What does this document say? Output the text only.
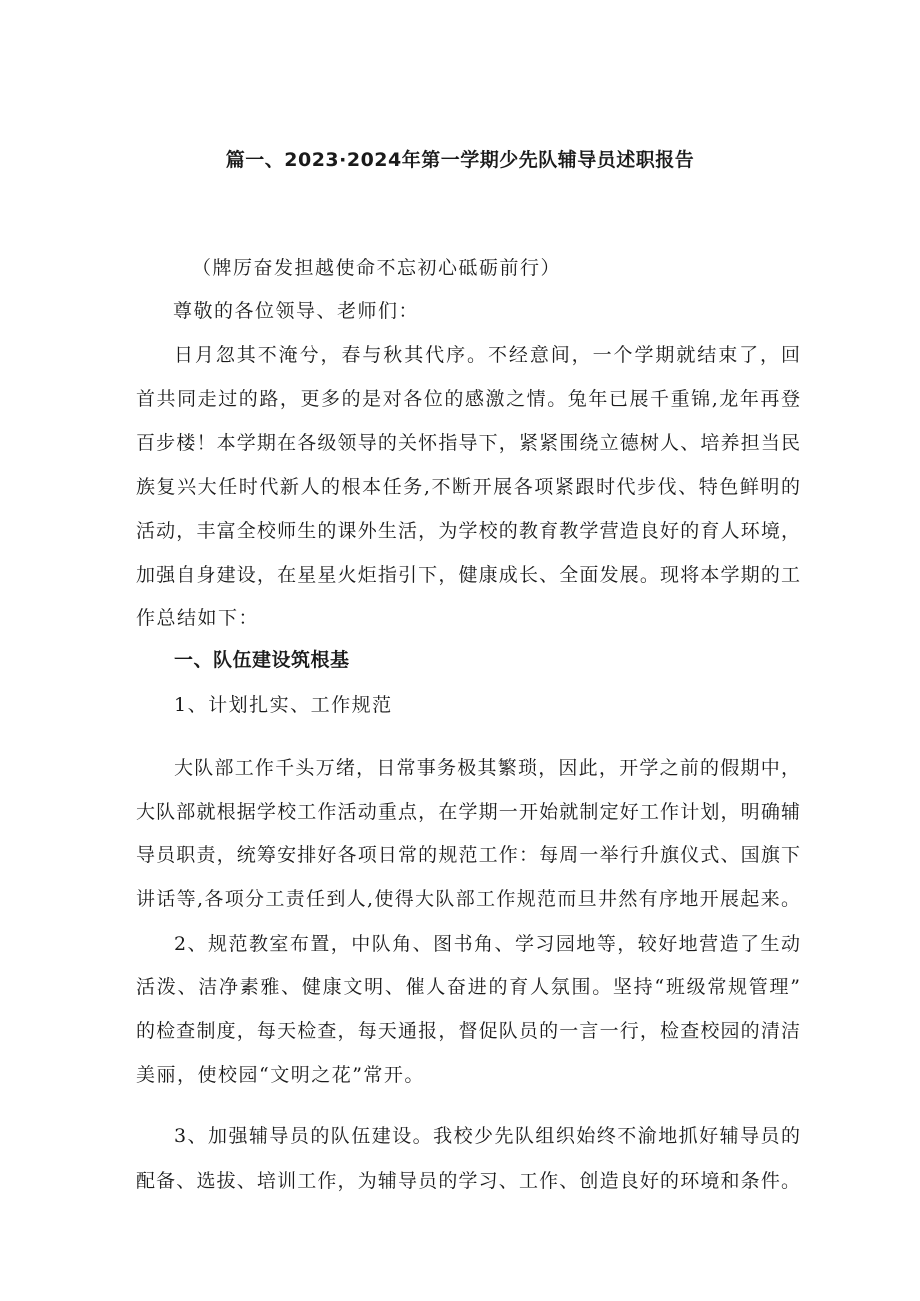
篇一、2023·2024年第一学期少先队辅导员述职报告
（牌厉奋发担越使命不忘初心砥砺前行）
尊敬的各位领导、老师们：
日月忽其不淹兮，春与秋其代序。不经意间，一个学期就结束了，回
首共同走过的路，更多的是对各位的感激之情。兔年已展千重锦,龙年再登
百步楼！本学期在各级领导的关怀指导下，紧紧围绕立德树人、培养担当民
族复兴大任时代新人的根本任务,不断开展各项紧跟时代步伐、特色鲜明的
活动，丰富全校师生的课外生活，为学校的教育教学营造良好的育人环境，
加强自身建设，在星星火炬指引下，健康成长、全面发展。现将本学期的工
作总结如下：
一、队伍建设筑根基
1、计划扎实、工作规范
大队部工作千头万绪，日常事务极其繁琐，因此，开学之前的假期中，
大队部就根据学校工作活动重点，在学期一开始就制定好工作计划，明确辅
导员职责，统筹安排好各项日常的规范工作：每周一举行升旗仪式、国旗下
讲话等,各项分工责任到人,使得大队部工作规范而旦井然有序地开展起来。
2、规范教室布置，中队角、图书角、学习园地等，较好地营造了生动
活泼、洁净素雅、健康文明、催人奋进的育人氛围。坚持“班级常规管理”
的检查制度，每天检查，每天通报，督促队员的一言一行，检查校园的清洁
美丽，使校园“文明之花”常开。
3、加强辅导员的队伍建设。我校少先队组织始终不渝地抓好辅导员的
配备、选拔、培训工作，为辅导员的学习、工作、创造良好的环境和条件。
